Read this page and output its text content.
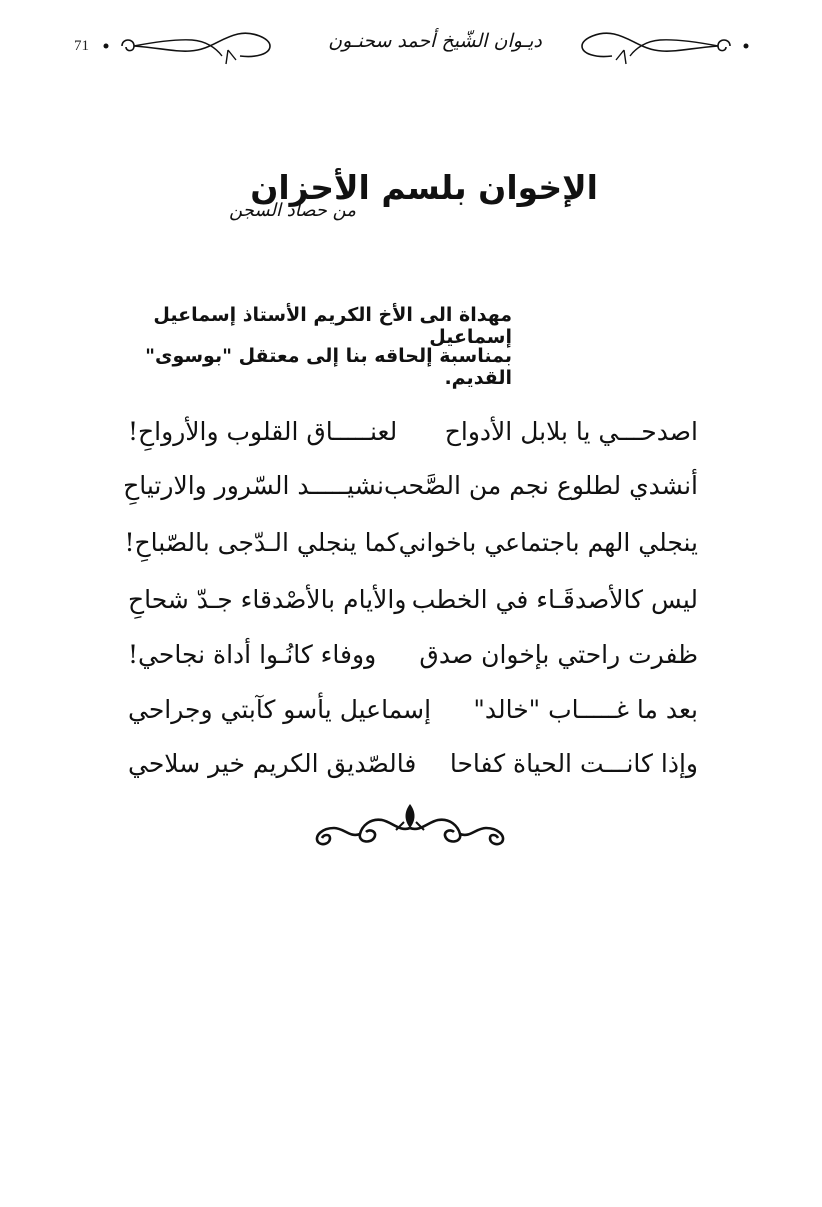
71	ديـوان الشّيخ أحمد سحنـون
الإخوان بلسم الأحزان
من حصاد السجن
مهداة الى الأخ الكريم الأستاذ إسماعيل إسماعيل
بمناسبة إلحاقه بنا إلى معتقل "بوسوى" القديم.
اصدحـــي يا بلابل الأدواح
لعنـــــاق القلوب والأرواحِ!
أنشدي لطلوع نجم من الصَّحب
نشيـــــد السّرور والارتياحِ
ينجلي الهم باجتماعي باخواني
كما ينجلي الـدّجى بالصّباحِ!
ليس كالأصدقَـاء في الخطب
والأيام بالأصْدقاء جـدّ شحاحِ
ظفرت راحتي بإخوان صدق
ووفاء كانُـوا أداة نجاحي!
بعد ما غـــــاب "خالد"
إسماعيل يأسو كآبتي وجراحي
وإذا كانـــت الحياة كفاحا
فالصّديق الكريم خير سلاحي
